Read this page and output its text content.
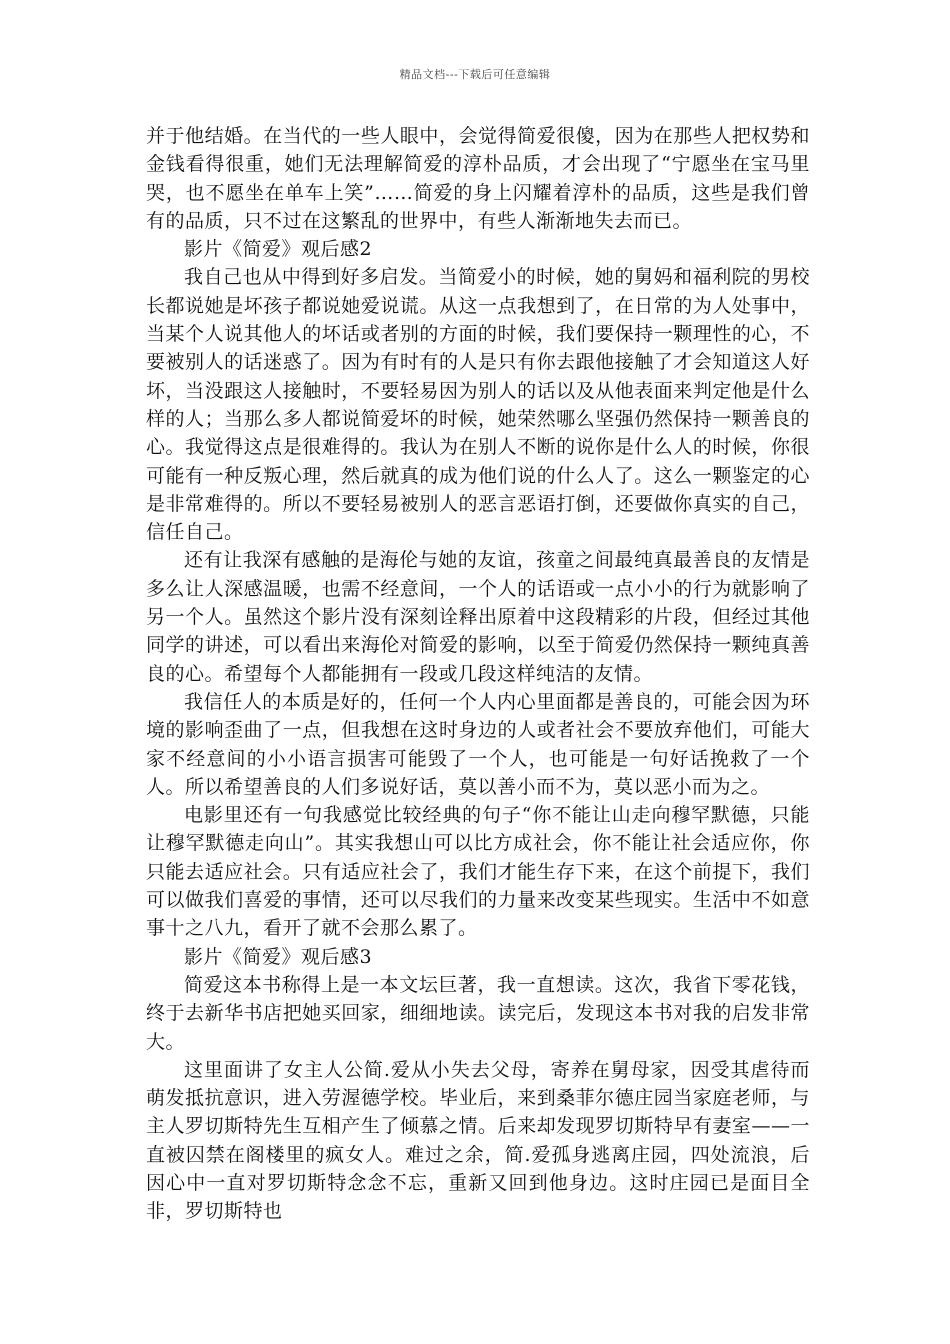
精品文档---下载后可任意编辑

并于他结婚。在当代的一些人眼中，会觉得简爱很傻，因为在那些人把权势和金钱看得很重，她们无法理解简爱的淳朴品质，才会出现了“宁愿坐在宝马里哭，也不愿坐在单车上笑”……简爱的身上闪耀着淳朴的品质，这些是我们曾有的品质，只不过在这繁乱的世界中，有些人渐渐地失去而已。

影片《简爱》观后感2

我自己也从中得到好多启发。当简爱小的时候，她的舅妈和福利院的男校长都说她是坏孩子都说她爱说谎。从这一点我想到了，在日常的为人处事中，当某个人说其他人的坏话或者别的方面的时候，我们要保持一颗理性的心，不要被别人的话迷惑了。因为有时有的人是只有你去跟他接触了才会知道这人好坏，当没跟这人接触时，不要轻易因为别人的话以及从他表面来判定他是什么样的人；当那么多人都说简爱坏的时候，她荣然哪么坚强仍然保持一颗善良的心。我觉得这点是很难得的。我认为在别人不断的说你是什么人的时候，你很可能有一种反叛心理，然后就真的成为他们说的什么人了。这么一颗鉴定的心是非常难得的。所以不要轻易被别人的恶言恶语打倒，还要做你真实的自己，信任自己。

还有让我深有感触的是海伦与她的友谊，孩童之间最纯真最善良的友情是多么让人深感温暖，也需不经意间，一个人的话语或一点小小的行为就影响了另一个人。虽然这个影片没有深刻诠释出原着中这段精彩的片段，但经过其他同学的讲述，可以看出来海伦对简爱的影响，以至于简爱仍然保持一颗纯真善良的心。希望每个人都能拥有一段或几段这样纯洁的友情。

我信任人的本质是好的，任何一个人内心里面都是善良的，可能会因为环境的影响歪曲了一点，但我想在这时身边的人或者社会不要放弃他们，可能大家不经意间的小小语言损害可能毁了一个人，也可能是一句好话挽救了一个人。所以希望善良的人们多说好话，莫以善小而不为，莫以恶小而为之。

电影里还有一句我感觉比较经典的句子“你不能让山走向穆罕默德，只能让穆罕默德走向山”。其实我想山可以比方成社会，你不能让社会适应你，你只能去适应社会。只有适应社会了，我们才能生存下来，在这个前提下，我们可以做我们喜爱的事情，还可以尽我们的力量来改变某些现实。生活中不如意事十之八九，看开了就不会那么累了。

影片《简爱》观后感3

简爱这本书称得上是一本文坛巨著，我一直想读。这次，我省下零花钱，终于去新华书店把她买回家，细细地读。读完后，发现这本书对我的启发非常大。

这里面讲了女主人公简.爱从小失去父母，寄养在舅母家，因受其虐待而萌发抵抗意识，进入劳渥德学校。毕业后，来到桑菲尔德庄园当家庭老师，与主人罗切斯特先生互相产生了倾慕之情。后来却发现罗切斯特早有妻室——一直被囚禁在阁楼里的疯女人。难过之余，简.爱孤身逃离庄园，四处流浪，后因心中一直对罗切斯特念念不忘，重新又回到他身边。这时庄园已是面目全非，罗切斯特也
